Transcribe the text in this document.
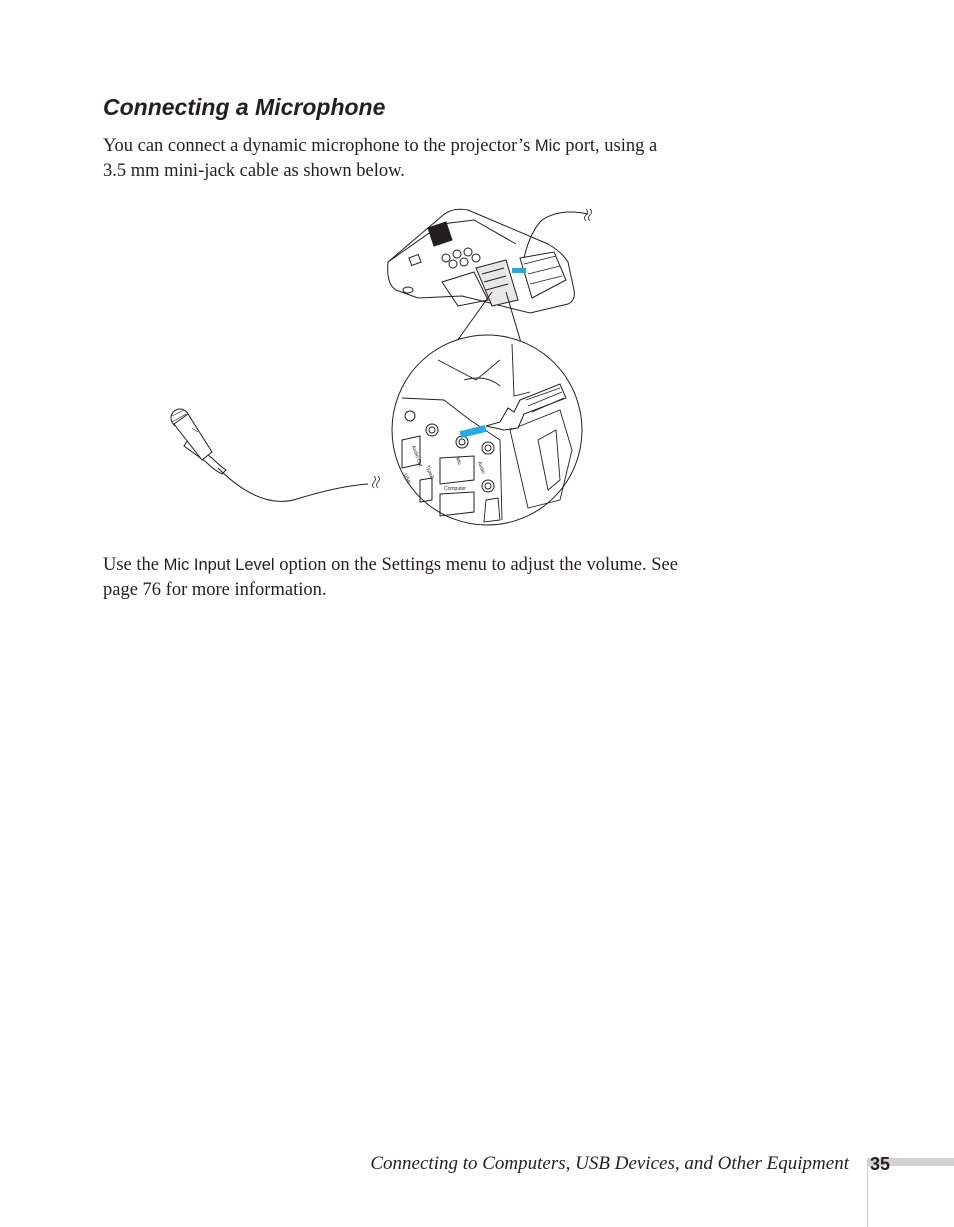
Connecting a Microphone

You can connect a dynamic microphone to the projector’s Mic port, using a 3.5 mm mini-jack cable as shown below.

Audio Out	Mic	Audio
USB	TypeB
Computer

Use the Mic Input Level option on the Settings menu to adjust the volume. See page 76 for more information.

Connecting to Computers, USB Devices, and Other Equipment 35
